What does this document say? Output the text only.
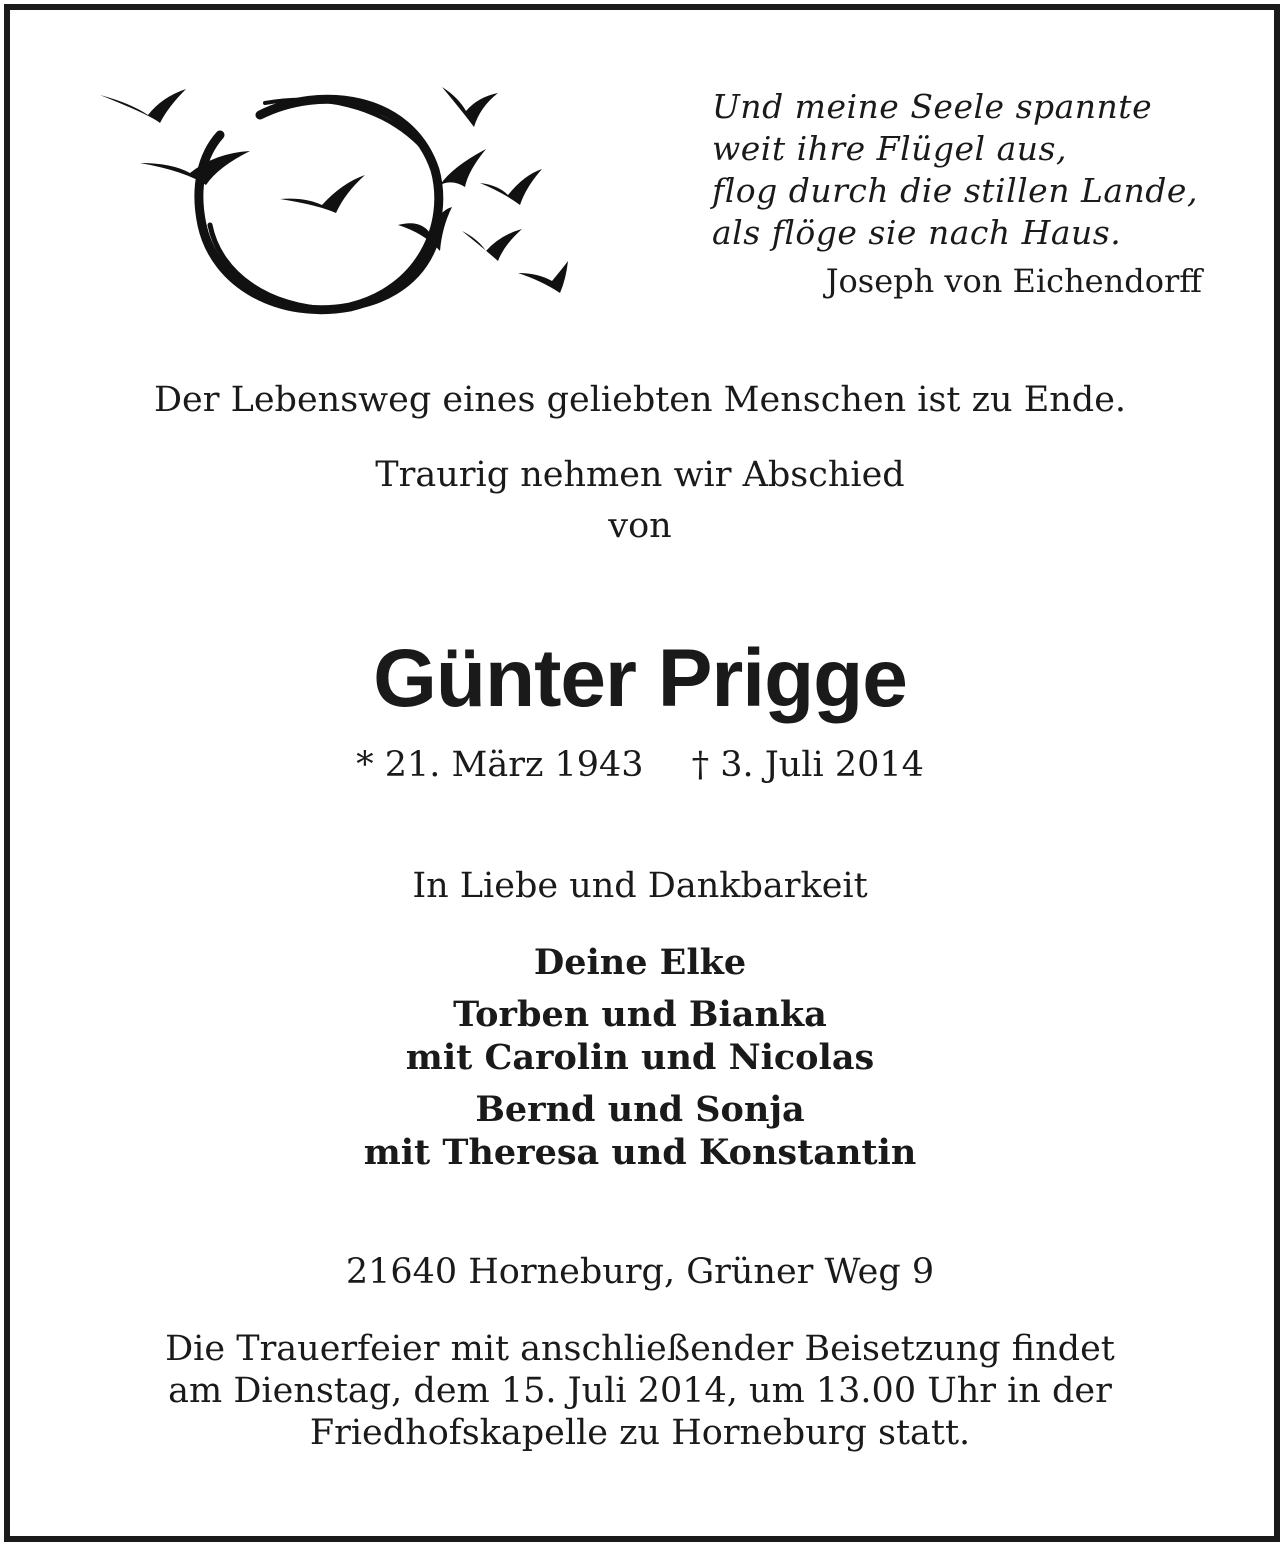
Und meine Seele spannte
weit ihre Flügel aus,
flog durch die stillen Lande,
als flöge sie nach Haus.
Joseph von Eichendorff
Der Lebensweg eines geliebten Menschen ist zu Ende.
Traurig nehmen wir Abschied
von
Günter Prigge
* 21. März 1943 † 3. Juli 2014
In Liebe und Dankbarkeit
Deine Elke
Torben und Bianka
mit Carolin und Nicolas
Bernd und Sonja
mit Theresa und Konstantin
21640 Horneburg, Grüner Weg 9
Die Trauerfeier mit anschließender Beisetzung findet
am Dienstag, dem 15. Juli 2014, um 13.00 Uhr in der
Friedhofskapelle zu Horneburg statt.
